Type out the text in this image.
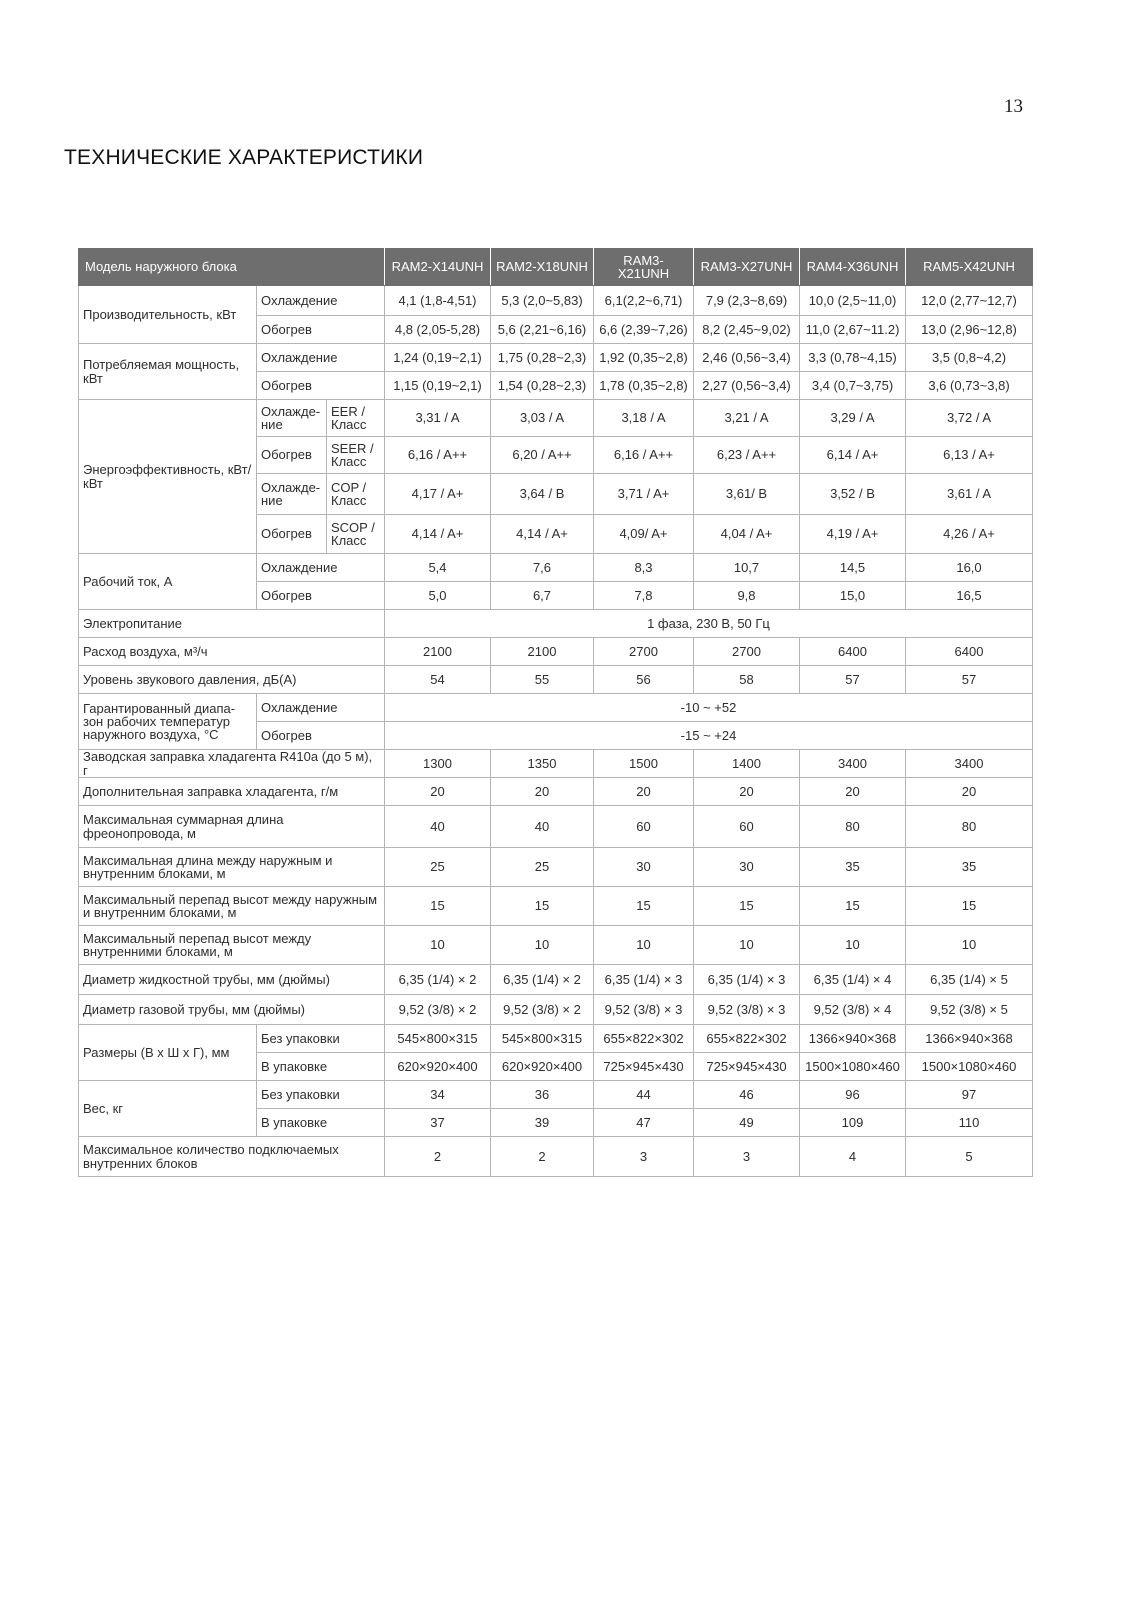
13
ТЕХНИЧЕСКИЕ ХАРАКТЕРИСТИКИ
Модель наружного блока			RAM2-X14UNH	RAM2-X18UNH	RAM3-X21UNH	RAM3-X27UNH	RAM4-X36UNH	RAM5-X42UNH
Производительность, кВт	Охлаждение		4,1 (1,8-4,51)	5,3 (2,0~5,83)	6,1(2,2~6,71)	7,9 (2,3~8,69)	10,0 (2,5~11,0)	12,0 (2,77~12,7)
	Обогрев		4,8 (2,05-5,28)	5,6 (2,21~6,16)	6,6 (2,39~7,26)	8,2 (2,45~9,02)	11,0 (2,67~11.2)	13,0 (2,96~12,8)
Потребляемая мощность, кВт	Охлаждение		1,24 (0,19~2,1)	1,75 (0,28~2,3)	1,92 (0,35~2,8)	2,46 (0,56~3,4)	3,3 (0,78~4,15)	3,5 (0,8~4,2)
	Обогрев		1,15 (0,19~2,1)	1,54 (0,28~2,3)	1,78 (0,35~2,8)	2,27 (0,56~3,4)	3,4 (0,7~3,75)	3,6 (0,73~3,8)
Энергоэффективность, кВт/кВт	Охлажде-ние	EER / Класс	3,31 / A	3,03 / A	3,18 / A	3,21 / A	3,29 / A	3,72 / A
	Обогрев	SEER / Класс	6,16 / A++	6,20 / A++	6,16 / A++	6,23 / A++	6,14 / A+	6,13 / A+
	Охлажде-ние	COP / Класс	4,17 / A+	3,64 / B	3,71 / A+	3,61/ B	3,52 / B	3,61 / A
	Обогрев	SCOP / Класс	4,14 / A+	4,14 / A+	4,09/ A+	4,04 / A+	4,19 / A+	4,26 / A+
Рабочий ток, А	Охлаждение		5,4	7,6	8,3	10,7	14,5	16,0
	Обогрев		5,0	6,7	7,8	9,8	15,0	16,5
Электропитание			1 фаза, 230 В, 50 Гц					
Расход воздуха, м³/ч			2100	2100	2700	2700	6400	6400
Уровень звукового давления, дБ(А)			54	55	56	58	57	57
Гарантированный диапа-зон рабочих температур наружного воздуха, °С	Охлаждение		-10 ~ +52					
	Обогрев		-15 ~ +24					
Заводская заправка хладагента R410a (до 5 м), г			1300	1350	1500	1400	3400	3400
Дополнительная заправка хладагента, г/м			20	20	20	20	20	20
Максимальная суммарная длина фреонопровода, м			40	40	60	60	80	80
Максимальная длина между наружным и внутренним блоками, м			25	25	30	30	35	35
Максимальный перепад высот между наружным и внутренним блоками, м			15	15	15	15	15	15
Максимальный перепад высот между внутренними блоками, м			10	10	10	10	10	10
Диаметр жидкостной трубы, мм (дюймы)			6,35 (1/4) × 2	6,35 (1/4) × 2	6,35 (1/4) × 3	6,35 (1/4) × 3	6,35 (1/4) × 4	6,35 (1/4) × 5
Диаметр газовой трубы, мм (дюймы)			9,52 (3/8) × 2	9,52 (3/8) × 2	9,52 (3/8) × 3	9,52 (3/8) × 3	9,52 (3/8) × 4	9,52 (3/8) × 5
Размеры (В х Ш х Г), мм	Без упаковки		545×800×315	545×800×315	655×822×302	655×822×302	1366×940×368	1366×940×368
	В упаковке		620×920×400	620×920×400	725×945×430	725×945×430	1500×1080×460	1500×1080×460
Вес, кг	Без упаковки		34	36	44	46	96	97
	В упаковке		37	39	47	49	109	110
Максимальное количество подключаемых внутренних блоков			2	2	3	3	4	5
